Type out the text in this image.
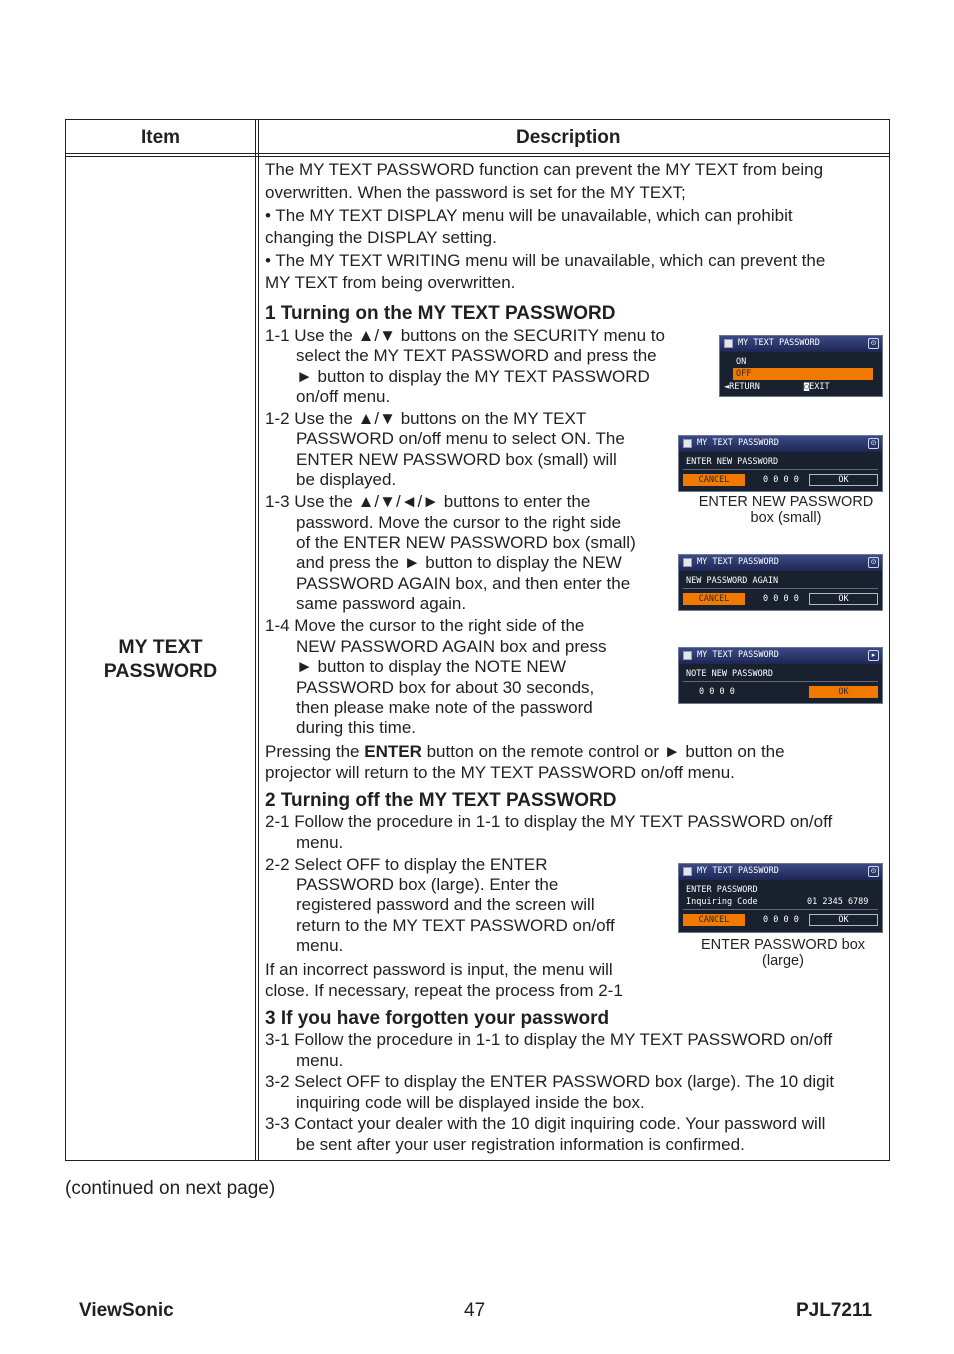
Item	Description
MY TEXT
PASSWORD
The MY TEXT PASSWORD function can prevent the MY TEXT from being
overwritten. When the password is set for the MY TEXT;
• The MY TEXT DISPLAY menu will be unavailable, which can prohibit
changing the DISPLAY setting.
• The MY TEXT WRITING menu will be unavailable, which can prevent the
MY TEXT from being overwritten.
1 Turning on the MY TEXT PASSWORD
1-1 Use the ▲/▼ buttons on the SECURITY menu to
select the MY TEXT PASSWORD and press the
► button to display the MY TEXT PASSWORD
on/off menu.
1-2 Use the ▲/▼ buttons on the MY TEXT
PASSWORD on/off menu to select ON. The
ENTER NEW PASSWORD box (small) will
be displayed.
1-3 Use the ▲/▼/◄/► buttons to enter the
password. Move the cursor to the right side
of the ENTER NEW PASSWORD box (small)
and press the ► button to display the NEW
PASSWORD AGAIN box, and then enter the
same password again.
1-4 Move the cursor to the right side of the
NEW PASSWORD AGAIN box and press
► button to display the NOTE NEW
PASSWORD box for about 30 seconds,
then please make note of the password
during this time.
Pressing the ENTER button on the remote control or ► button on the
projector will return to the MY TEXT PASSWORD on/off menu.
2 Turning off the MY TEXT PASSWORD
2-1 Follow the procedure in 1-1 to display the MY TEXT PASSWORD on/off
menu.
2-2 Select OFF to display the ENTER
PASSWORD box (large). Enter the
registered password and the screen will
return to the MY TEXT PASSWORD on/off
menu.
If an incorrect password is input, the menu will
close. If necessary, repeat the process from 2-1
3 If you have forgotten your password
3-1 Follow the procedure in 1-1 to display the MY TEXT PASSWORD on/off
menu.
3-2 Select OFF to display the ENTER PASSWORD box (large). The 10 digit
inquiring code will be displayed inside the box.
3-3 Contact your dealer with the 10 digit inquiring code. Your password will
be sent after your user registration information is confirmed.
MY TEXT PASSWORD	⊙
ON
OFF
◄RETURN	◙EXIT
MY TEXT PASSWORD	⊙
ENTER NEW PASSWORD
CANCEL	0 0 0 0	OK
ENTER NEW PASSWORD
box (small)
MY TEXT PASSWORD	⊙
NEW PASSWORD AGAIN
CANCEL	0 0 0 0	OK
MY TEXT PASSWORD	▸
NOTE NEW PASSWORD
0 0 0 0	OK
MY TEXT PASSWORD	⊙
ENTER PASSWORD
Inquiring Code	01 2345 6789
CANCEL	0 0 0 0	OK
ENTER PASSWORD box
(large)
(continued on next page)
ViewSonic	47	PJL7211
